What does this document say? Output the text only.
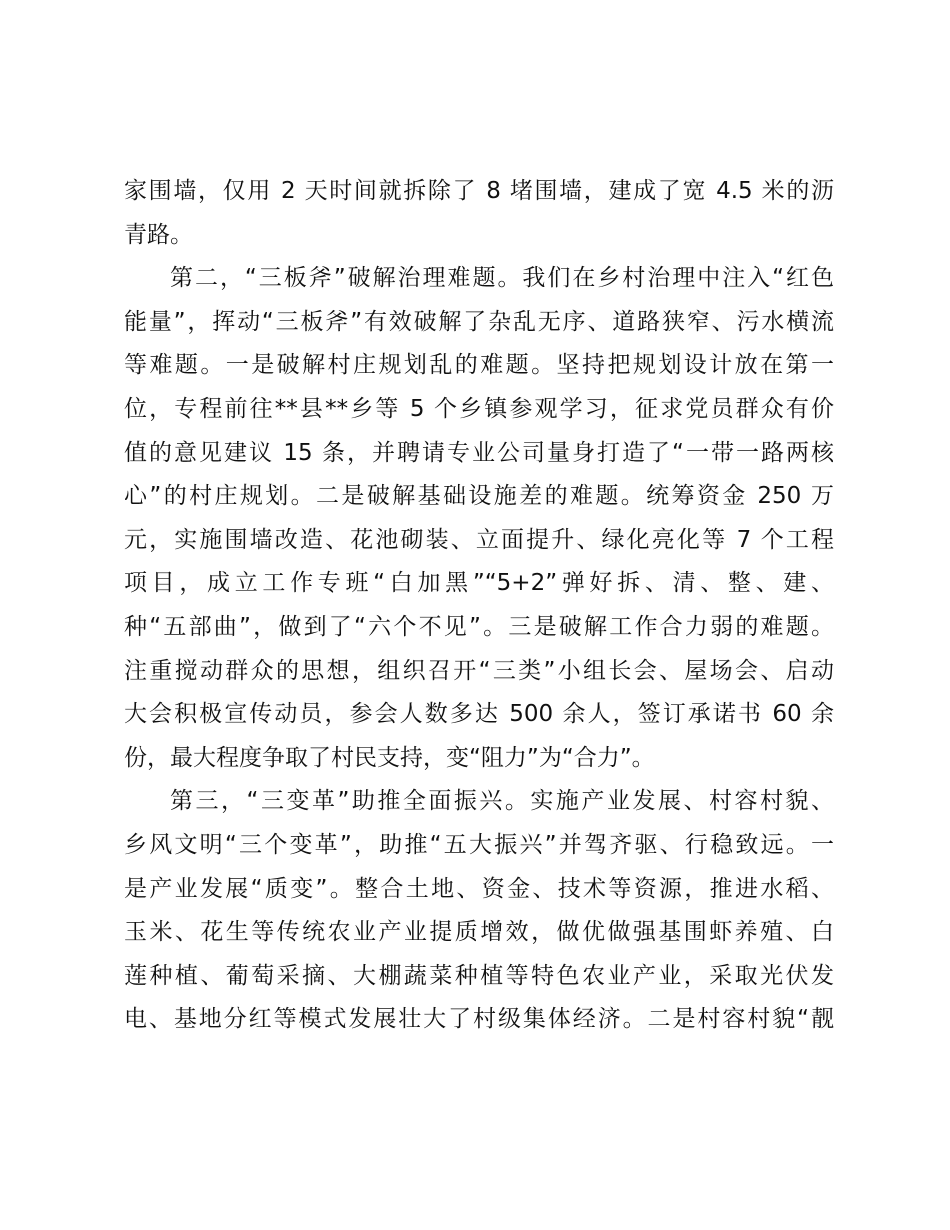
家围墙，仅用 2 天时间就拆除了 8 堵围墙，建成了宽 4.5 米的沥
青路。
第二，“三板斧”破解治理难题。我们在乡村治理中注入“红色
能量”，挥动“三板斧”有效破解了杂乱无序、道路狭窄、污水横流
等难题。一是破解村庄规划乱的难题。坚持把规划设计放在第一
位，专程前往**县**乡等 5 个乡镇参观学习，征求党员群众有价
值的意见建议 15 条，并聘请专业公司量身打造了“一带一路两核
心”的村庄规划。二是破解基础设施差的难题。统筹资金 250 万
元，实施围墙改造、花池砌装、立面提升、绿化亮化等 7 个工程
项目，成立工作专班“白加黑”“5+2”弹好拆、清、整、建、
种“五部曲”，做到了“六个不见”。三是破解工作合力弱的难题。
注重搅动群众的思想，组织召开“三类”小组长会、屋场会、启动
大会积极宣传动员，参会人数多达 500 余人，签订承诺书 60 余
份，最大程度争取了村民支持，变“阻力”为“合力”。
第三，“三变革”助推全面振兴。实施产业发展、村容村貌、
乡风文明“三个变革”，助推“五大振兴”并驾齐驱、行稳致远。一
是产业发展“质变”。整合土地、资金、技术等资源，推进水稻、
玉米、花生等传统农业产业提质增效，做优做强基围虾养殖、白
莲种植、葡萄采摘、大棚蔬菜种植等特色农业产业，采取光伏发
电、基地分红等模式发展壮大了村级集体经济。二是村容村貌“靓
